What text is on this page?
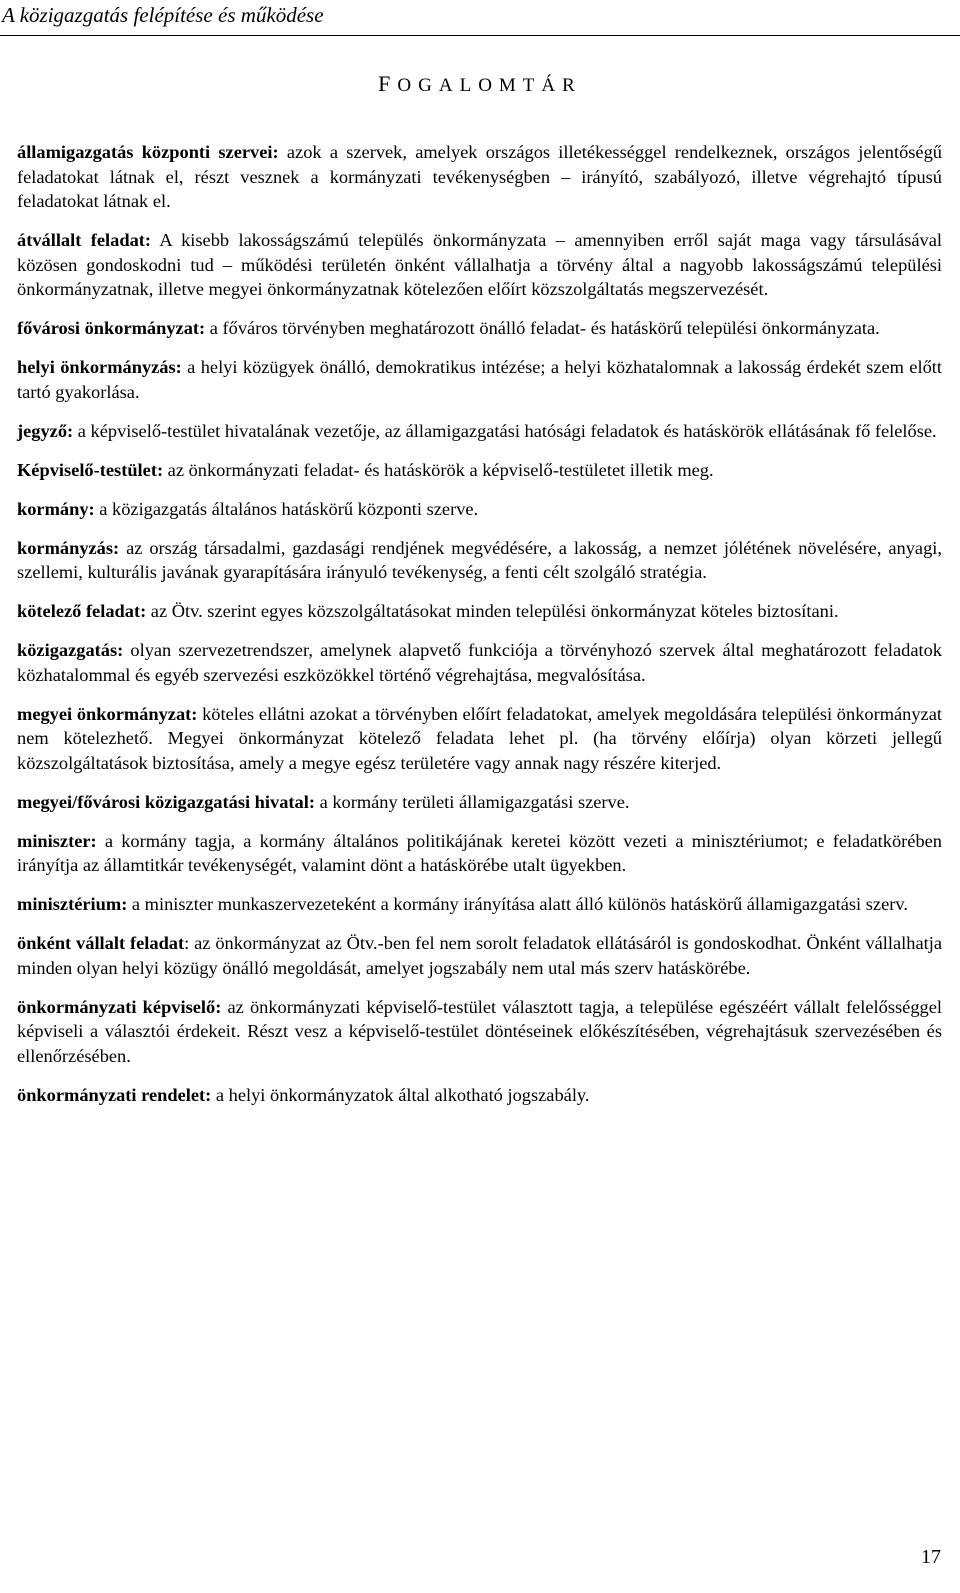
A közigazgatás felépítése és működése
FOGALOMTÁR

államigazgatás központi szervei: azok a szervek, amelyek országos illetékességgel rendelkeznek, országos jelentőségű feladatokat látnak el, részt vesznek a kormányzati tevékenységben – irányító, szabályozó, illetve végrehajtó típusú feladatokat látnak el.

átvállalt feladat: A kisebb lakosságszámú település önkormányzata – amennyiben erről saját maga vagy társulásával közösen gondoskodni tud – működési területén önként vállalhatja a törvény által a nagyobb lakosságszámú települési önkormányzatnak, illetve megyei önkormányzatnak kötelezően előírt közszolgáltatás megszervezését.

fővárosi önkormányzat: a főváros törvényben meghatározott önálló feladat- és hatáskörű települési önkormányzata.

helyi önkormányzás: a helyi közügyek önálló, demokratikus intézése; a helyi közhatalomnak a lakosság érdekét szem előtt tartó gyakorlása.

jegyző: a képviselő-testület hivatalának vezetője, az államigazgatási hatósági feladatok és hatáskörök ellátásának fő felelőse.

Képviselő-testület: az önkormányzati feladat- és hatáskörök a képviselő-testületet illetik meg.

kormány: a közigazgatás általános hatáskörű központi szerve.

kormányzás: az ország társadalmi, gazdasági rendjének megvédésére, a lakosság, a nemzet jólétének növelésére, anyagi, szellemi, kulturális javának gyarapítására irányuló tevékenység, a fenti célt szolgáló stratégia.

kötelező feladat: az Ötv. szerint egyes közszolgáltatásokat minden települési önkormányzat köteles biztosítani.

közigazgatás: olyan szervezetrendszer, amelynek alapvető funkciója a törvényhozó szervek által meghatározott feladatok közhatalommal és egyéb szervezési eszközökkel történő végrehajtása, megvalósítása.

megyei önkormányzat: köteles ellátni azokat a törvényben előírt feladatokat, amelyek megoldására települési önkormányzat nem kötelezhető. Megyei önkormányzat kötelező feladata lehet pl. (ha törvény előírja) olyan körzeti jellegű közszolgáltatások biztosítása, amely a megye egész területére vagy annak nagy részére kiterjed.

megyei/fővárosi közigazgatási hivatal: a kormány területi államigazgatási szerve.

miniszter: a kormány tagja, a kormány általános politikájának keretei között vezeti a minisztériumot; e feladatkörében irányítja az államtitkár tevékenységét, valamint dönt a hatáskörébe utalt ügyekben.

minisztérium: a miniszter munkaszervezeteként a kormány irányítása alatt álló különös hatáskörű államigazgatási szerv.

önként vállalt feladat: az önkormányzat az Ötv.-ben fel nem sorolt feladatok ellátásáról is gondoskodhat. Önként vállalhatja minden olyan helyi közügy önálló megoldását, amelyet jogszabály nem utal más szerv hatáskörébe.

önkormányzati képviselő: az önkormányzati képviselő-testület választott tagja, a települése egészéért vállalt felelősséggel képviseli a választói érdekeit. Részt vesz a képviselő-testület döntéseinek előkészítésében, végrehajtásuk szervezésében és ellenőrzésében.

önkormányzati rendelet: a helyi önkormányzatok által alkotható jogszabály.

17
